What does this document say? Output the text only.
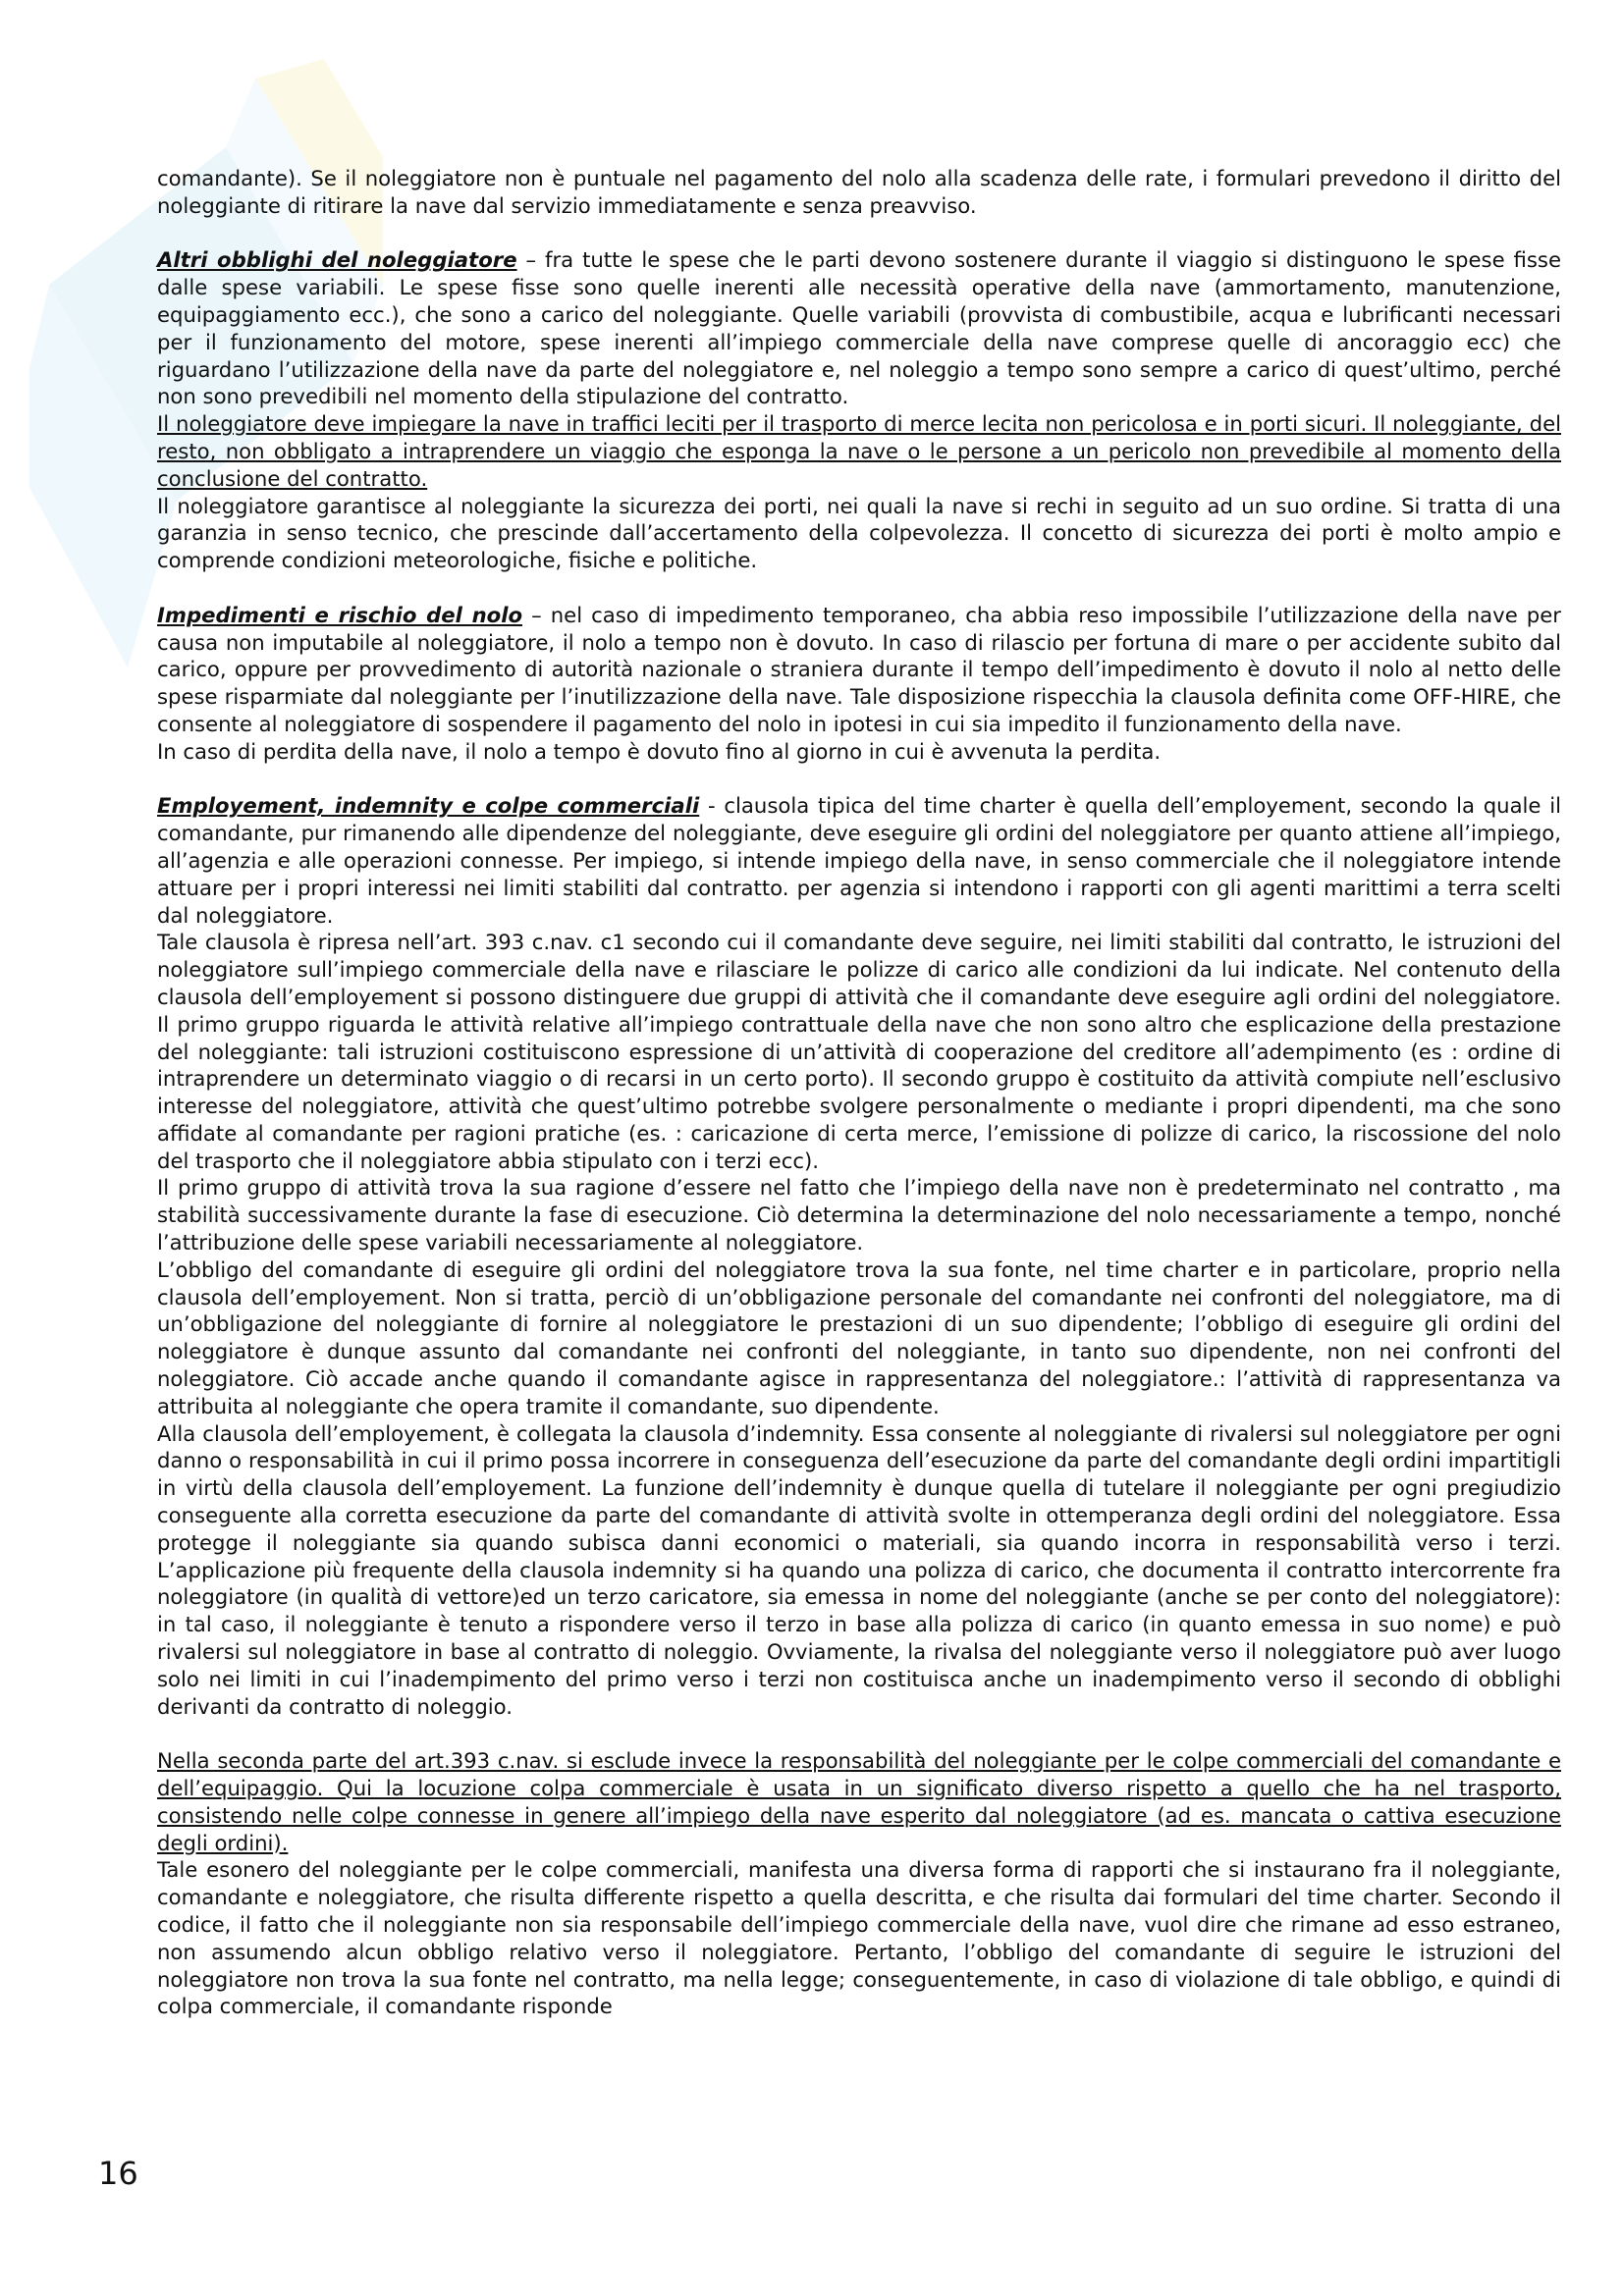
comandante). Se il noleggiatore non è puntuale nel pagamento del nolo alla scadenza delle rate, i formulari prevedono il diritto del noleggiante di ritirare la nave dal servizio immediatamente e senza preavviso.

Altri obblighi del noleggiatore – fra tutte le spese che le parti devono sostenere durante il viaggio si distinguono le spese fisse dalle spese variabili. Le spese fisse sono quelle inerenti alle necessità operative della nave (ammortamento, manutenzione, equipaggiamento ecc.), che sono a carico del noleggiante. Quelle variabili (provvista di combustibile, acqua e lubrificanti necessari per il funzionamento del motore, spese inerenti all’impiego commerciale della nave comprese quelle di ancoraggio ecc) che riguardano l’utilizzazione della nave da parte del noleggiatore e, nel noleggio a tempo sono sempre a carico di quest’ultimo, perché non sono prevedibili nel momento della stipulazione del contratto.

Il noleggiatore deve impiegare la nave in traffici leciti per il trasporto di merce lecita non pericolosa e in porti sicuri. Il noleggiante, del resto, non obbligato a intraprendere un viaggio che esponga la nave o le persone a un pericolo non prevedibile al momento della conclusione del contratto.

Il noleggiatore garantisce al noleggiante la sicurezza dei porti, nei quali la nave si rechi in seguito ad un suo ordine. Si tratta di una garanzia in senso tecnico, che prescinde dall’accertamento della colpevolezza. Il concetto di sicurezza dei porti è molto ampio e comprende condizioni meteorologiche, fisiche e politiche.

Impedimenti e rischio del nolo – nel caso di impedimento temporaneo, cha abbia reso impossibile l’utilizzazione della nave per causa non imputabile al noleggiatore, il nolo a tempo non è dovuto. In caso di rilascio per fortuna di mare o per accidente subito dal carico, oppure per provvedimento di autorità nazionale o straniera durante il tempo dell’impedimento è dovuto il nolo al netto delle spese risparmiate dal noleggiante per l’inutilizzazione della nave. Tale disposizione rispecchia la clausola definita come OFF-HIRE, che consente al noleggiatore di sospendere il pagamento del nolo in ipotesi in cui sia impedito il funzionamento della nave.

In caso di perdita della nave, il nolo a tempo è dovuto fino al giorno in cui è avvenuta la perdita.

Employement, indemnity e colpe commerciali - clausola tipica del time charter è quella dell’employement, secondo la quale il comandante, pur rimanendo alle dipendenze del noleggiante, deve eseguire gli ordini del noleggiatore per quanto attiene all’impiego, all’agenzia e alle operazioni connesse. Per impiego, si intende impiego della nave, in senso commerciale che il noleggiatore intende attuare per i propri interessi nei limiti stabiliti dal contratto. per agenzia si intendono i rapporti con gli agenti marittimi a terra scelti dal noleggiatore.

Tale clausola è ripresa nell’art. 393 c.nav. c1 secondo cui il comandante deve seguire, nei limiti stabiliti dal contratto, le istruzioni del noleggiatore sull’impiego commerciale della nave e rilasciare le polizze di carico alle condizioni da lui indicate. Nel contenuto della clausola dell’employement si possono distinguere due gruppi di attività che il comandante deve eseguire agli ordini del noleggiatore. Il primo gruppo riguarda le attività relative all’impiego contrattuale della nave che non sono altro che esplicazione della prestazione del noleggiante: tali istruzioni costituiscono espressione di un’attività di cooperazione del creditore all’adempimento (es : ordine di intraprendere un determinato viaggio o di recarsi in un certo porto). Il secondo gruppo è costituito da attività compiute nell’esclusivo interesse del noleggiatore, attività che quest’ultimo potrebbe svolgere personalmente o mediante i propri dipendenti, ma che sono affidate al comandante per ragioni pratiche (es. : caricazione di certa merce, l’emissione di polizze di carico, la riscossione del nolo del trasporto che il noleggiatore abbia stipulato con i terzi ecc).

Il primo gruppo di attività trova la sua ragione d’essere nel fatto che l’impiego della nave non è predeterminato nel contratto , ma stabilità successivamente durante la fase di esecuzione. Ciò determina la determinazione del nolo necessariamente a tempo, nonché l’attribuzione delle spese variabili necessariamente al noleggiatore.

L’obbligo del comandante di eseguire gli ordini del noleggiatore trova la sua fonte, nel time charter e in particolare, proprio nella clausola dell’employement. Non si tratta, perciò di un’obbligazione personale del comandante nei confronti del noleggiatore, ma di un’obbligazione del noleggiante di fornire al noleggiatore le prestazioni di un suo dipendente; l’obbligo di eseguire gli ordini del noleggiatore è dunque assunto dal comandante nei confronti del noleggiante, in tanto suo dipendente, non nei confronti del noleggiatore. Ciò accade anche quando il comandante agisce in rappresentanza del noleggiatore.: l’attività di rappresentanza va attribuita al noleggiante che opera tramite il comandante, suo dipendente.

Alla clausola dell’employement, è collegata la clausola d’indemnity. Essa consente al noleggiante di rivalersi sul noleggiatore per ogni danno o responsabilità in cui il primo possa incorrere in conseguenza dell’esecuzione da parte del comandante degli ordini impartitigli in virtù della clausola dell’employement. La funzione dell’indemnity è dunque quella di tutelare il noleggiante per ogni pregiudizio conseguente alla corretta esecuzione da parte del comandante di attività svolte in ottemperanza degli ordini del noleggiatore. Essa protegge il noleggiante sia quando subisca danni economici o materiali, sia quando incorra in responsabilità verso i terzi. L’applicazione più frequente della clausola indemnity si ha quando una polizza di carico, che documenta il contratto intercorrente fra noleggiatore (in qualità di vettore)ed un terzo caricatore, sia emessa in nome del noleggiante (anche se per conto del noleggiatore): in tal caso, il noleggiante è tenuto a rispondere verso il terzo in base alla polizza di carico (in quanto emessa in suo nome) e può rivalersi sul noleggiatore in base al contratto di noleggio. Ovviamente, la rivalsa del noleggiante verso il noleggiatore può aver luogo solo nei limiti in cui l’inadempimento del primo verso i terzi non costituisca anche un inadempimento verso il secondo di obblighi derivanti da contratto di noleggio.

Nella seconda parte del art.393 c.nav. si esclude invece la responsabilità del noleggiante per le colpe commerciali del comandante e dell’equipaggio. Qui la locuzione colpa commerciale è usata in un significato diverso rispetto a quello che ha nel trasporto, consistendo nelle colpe connesse in genere all’impiego della nave esperito dal noleggiatore (ad es. mancata o cattiva esecuzione degli ordini).

Tale esonero del noleggiante per le colpe commerciali, manifesta una diversa forma di rapporti che si instaurano fra il noleggiante, comandante e noleggiatore, che risulta differente rispetto a quella descritta, e che risulta dai formulari del time charter. Secondo il codice, il fatto che il noleggiante non sia responsabile dell’impiego commerciale della nave, vuol dire che rimane ad esso estraneo, non assumendo alcun obbligo relativo verso il noleggiatore. Pertanto, l’obbligo del comandante di seguire le istruzioni del noleggiatore non trova la sua fonte nel contratto, ma nella legge; conseguentemente, in caso di violazione di tale obbligo, e quindi di colpa commerciale, il comandante risponde

16
